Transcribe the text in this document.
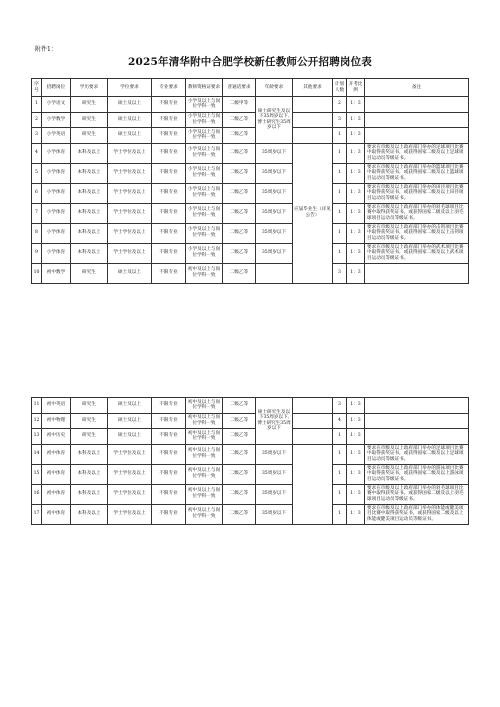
附件1：
2025年清华附中合肥学校新任教师公开招聘岗位表
序号	招聘岗位	学历要求	学位要求	专业要求	教师资格证要求	普通话要求	年龄要求	其他要求	计划人数	开考比例	备注
1	小学语文	研究生	硕士及以上	不限专业	小学及以上与岗位学科一致	二级甲等	硕士研究生及以下35周岁以下,博士研究生35周岁以下		2	1：3	
2	小学数学	研究生	硕士及以上	不限专业	小学及以上与岗位学科一致	二级乙等			3	1：3	
3	小学英语	研究生	硕士及以上	不限专业	小学及以上与岗位学科一致	二级乙等			1	1：3	
4	小学体育	本科及以上	学士学位及以上	不限专业	小学及以上与岗位学科一致	二级乙等	35周岁以下	应届毕业生（详见公告）	1	1：3	要求在市级及以上政府部门举办的足球项目比赛中取得获奖证书，或获得国家二级及以上足球项目运动员等级证书。
5	小学体育	本科及以上	学士学位及以上	不限专业	小学及以上与岗位学科一致	二级乙等	35周岁以下		1	1：3	要求在市级及以上政府部门举办的篮球项目比赛中取得获奖证书，或获得国家二级及以上篮球项目运动员等级证书。
6	小学体育	本科及以上	学士学位及以上	不限专业	小学及以上与岗位学科一致	二级乙等	35周岁以下		1	1：3	要求在市级及以上政府部门举办的田径项目比赛中取得获奖证书，或获得国家二级及以上田径项目运动员等级证书。
7	小学体育	本科及以上	学士学位及以上	不限专业	小学及以上与岗位学科一致	二级乙等	35周岁以下		1	1：3	要求在市级及以上政府部门举办的羽毛球项目比赛中取得获奖证书，或获得国家二级及以上羽毛球项目运动员等级证书。
8	小学体育	本科及以上	学士学位及以上	不限专业	小学及以上与岗位学科一致	二级乙等	35周岁以下		1	1：3	要求在市级及以上政府部门举办的击剑项目比赛中取得获奖证书，或获得国家二级及以上击剑项目运动员等级证书。
9	小学体育	本科及以上	学士学位及以上	不限专业	小学及以上与岗位学科一致	二级乙等	35周岁以下		1	1：3	要求在市级及以上政府部门举办的武术项目比赛中取得获奖证书，或获得国家二级及以上武术项目运动员等级证书。
10	初中数学	研究生	硕士及以上	不限专业	初中及以上与岗位学科一致	二级乙等			3	1：3	
11	初中英语	研究生	硕士及以上	不限专业	初中及以上与岗位学科一致	二级乙等	硕士研究生及以下35周岁以下,博士研究生35周岁以下		3	1：3	
12	初中物理	研究生	硕士及以上	不限专业	初中及以上与岗位学科一致	二级乙等			4	1：3	
13	初中历史	研究生	硕士及以上	不限专业	初中及以上与岗位学科一致	二级乙等			1	1：3	
14	初中体育	本科及以上	学士学位及以上	不限专业	初中及以上与岗位学科一致	二级乙等	35周岁以下		1	1：3	要求在市级及以上政府部门举办的足球项目比赛中取得获奖证书，或获得国家二级及以上足球项目运动员等级证书。
15	初中体育	本科及以上	学士学位及以上	不限专业	初中及以上与岗位学科一致	二级乙等	35周岁以下		1	1：3	要求在市级及以上政府部门举办的游泳项目比赛中取得获奖证书，或获得国家二级及以上游泳项目运动员等级证书。
16	初中体育	本科及以上	学士学位及以上	不限专业	初中及以上与岗位学科一致	二级乙等	35周岁以下		1	1：3	要求在市级及以上政府部门举办的羽毛球项目比赛中取得获奖证书，或获得国家二级及以上羽毛球项目运动员等级证书。
17	初中体育	本科及以上	学士学位及以上	不限专业	初中及以上与岗位学科一致	二级乙等	35周岁以下		1	1：3	要求在市级及以上政府部门举办的体能或健美项目比赛中取得获奖证书，或获得国家二级及以上体能或健美项目运动员等级证书。
